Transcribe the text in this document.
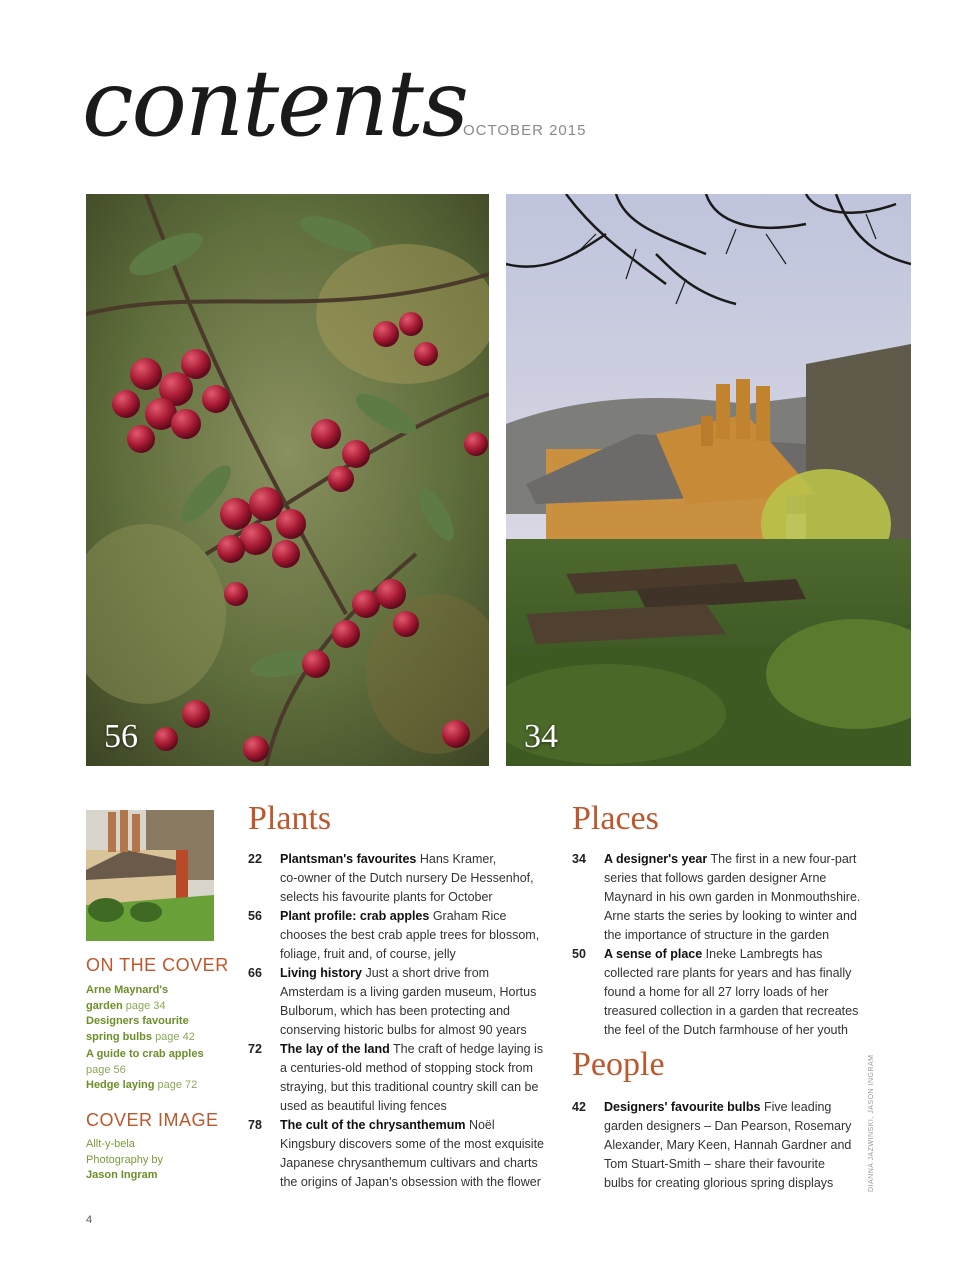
contents
OCTOBER 2015
56	34
ON THE COVER
Arne Maynard's
garden page 34
Designers favourite
spring bulbs page 42
A guide to crab apples
page 56
Hedge laying page 72
COVER IMAGE
Allt-y-bela
Photography by
Jason Ingram
Plants
22 Plantsman's favourites Hans Kramer,
co-owner of the Dutch nursery De Hessenhof,
selects his favourite plants for October
56 Plant profile: crab apples Graham Rice
chooses the best crab apple trees for blossom,
foliage, fruit and, of course, jelly
66 Living history Just a short drive from
Amsterdam is a living garden museum, Hortus
Bulborum, which has been protecting and
conserving historic bulbs for almost 90 years
72 The lay of the land The craft of hedge laying is
a centuries-old method of stopping stock from
straying, but this traditional country skill can be
used as beautiful living fences
78 The cult of the chrysanthemum Noël
Kingsbury discovers some of the most exquisite
Japanese chrysanthemum cultivars and charts
the origins of Japan's obsession with the flower
Places
34 A designer's year The first in a new four-part
series that follows garden designer Arne
Maynard in his own garden in Monmouthshire.
Arne starts the series by looking to winter and
the importance of structure in the garden
50 A sense of place Ineke Lambregts has
collected rare plants for years and has finally
found a home for all 27 lorry loads of her
treasured collection in a garden that recreates
the feel of the Dutch farmhouse of her youth
People
42 Designers' favourite bulbs Five leading
garden designers – Dan Pearson, Rosemary
Alexander, Mary Keen, Hannah Gardner and
Tom Stuart-Smith – share their favourite
bulbs for creating glorious spring displays	DIANNA JAZWINSKI, JASON INGRAM
4
